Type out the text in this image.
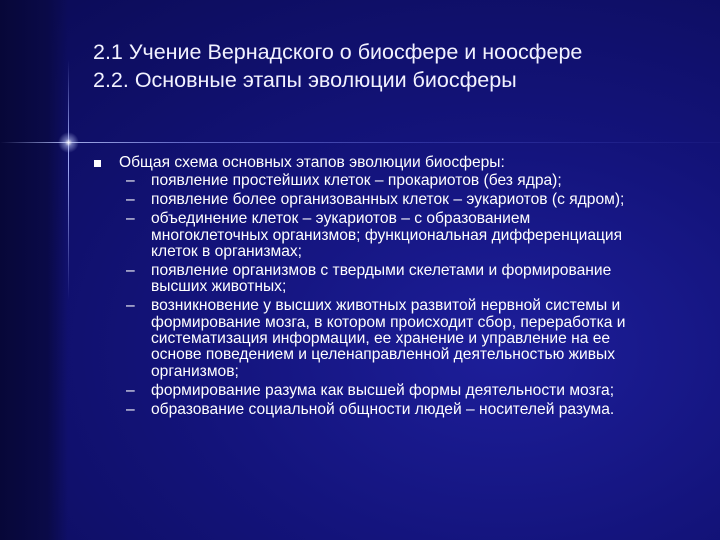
2.1 Учение Вернадского о биосфере и ноосфере
2.2. Основные этапы эволюции биосферы
Общая схема основных этапов эволюции биосферы:
– появление простейших клеток – прокариотов (без ядра);
– появление более организованных клеток – эукариотов (с ядром);
– объединение клеток – эукариотов – с образованием многоклеточных организмов; функциональная дифференциация клеток в организмах;
– появление организмов с твердыми скелетами и формирование высших животных;
– возникновение у высших животных развитой нервной системы и формирование мозга, в котором происходит сбор, переработка и систематизация информации, ее хранение и управление на ее основе поведением и целенаправленной деятельностью живых организмов;
– формирование разума как высшей формы деятельности мозга;
– образование социальной общности людей – носителей разума.
